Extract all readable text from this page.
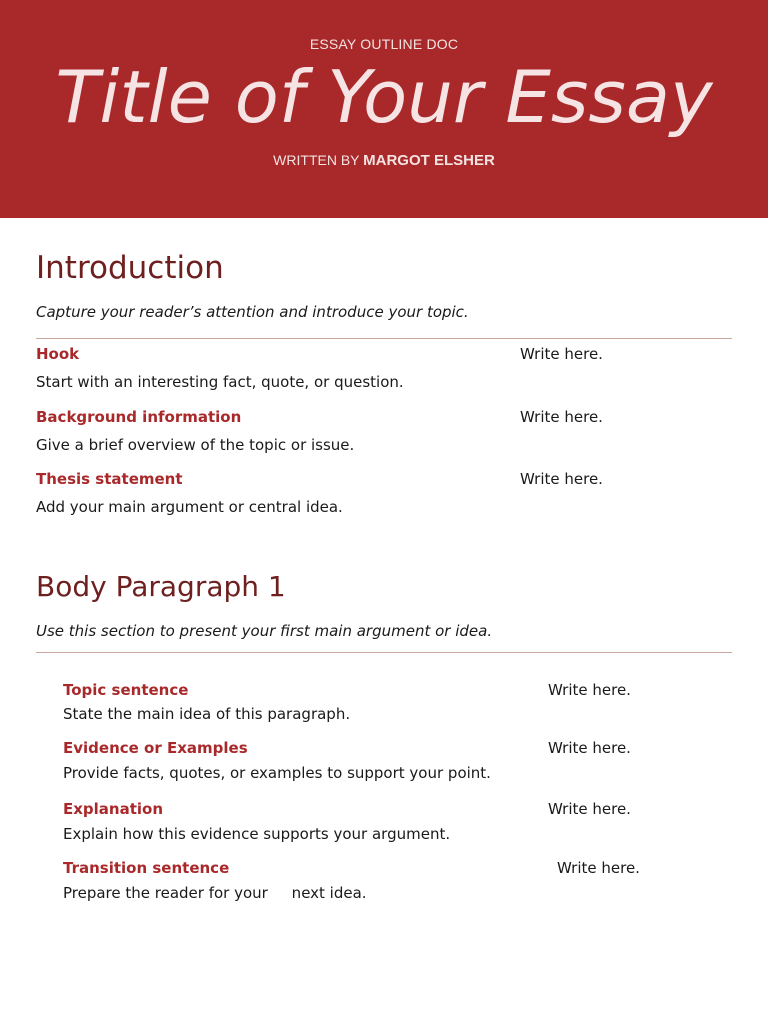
ESSAY OUTLINE DOC
Title of Your Essay
WRITTEN BY MARGOT ELSHER
Introduction

Capture your reader’s attention and introduce your topic.

Hook	Write here.
Start with an interesting fact, quote, or question.
Background information	Write here.
Give a brief overview of the topic or issue.
Thesis statement	Write here.
Add your main argument or central idea.
Body Paragraph 1

Use this section to present your first main argument or idea.

Topic sentence	Write here.
State the main idea of this paragraph.
Evidence or Examples	Write here.
Provide facts, quotes, or examples to support your point.
Explanation	Write here.
Explain how this evidence supports your argument.
Transition sentence	Write here.
Prepare the reader for your     next idea.
